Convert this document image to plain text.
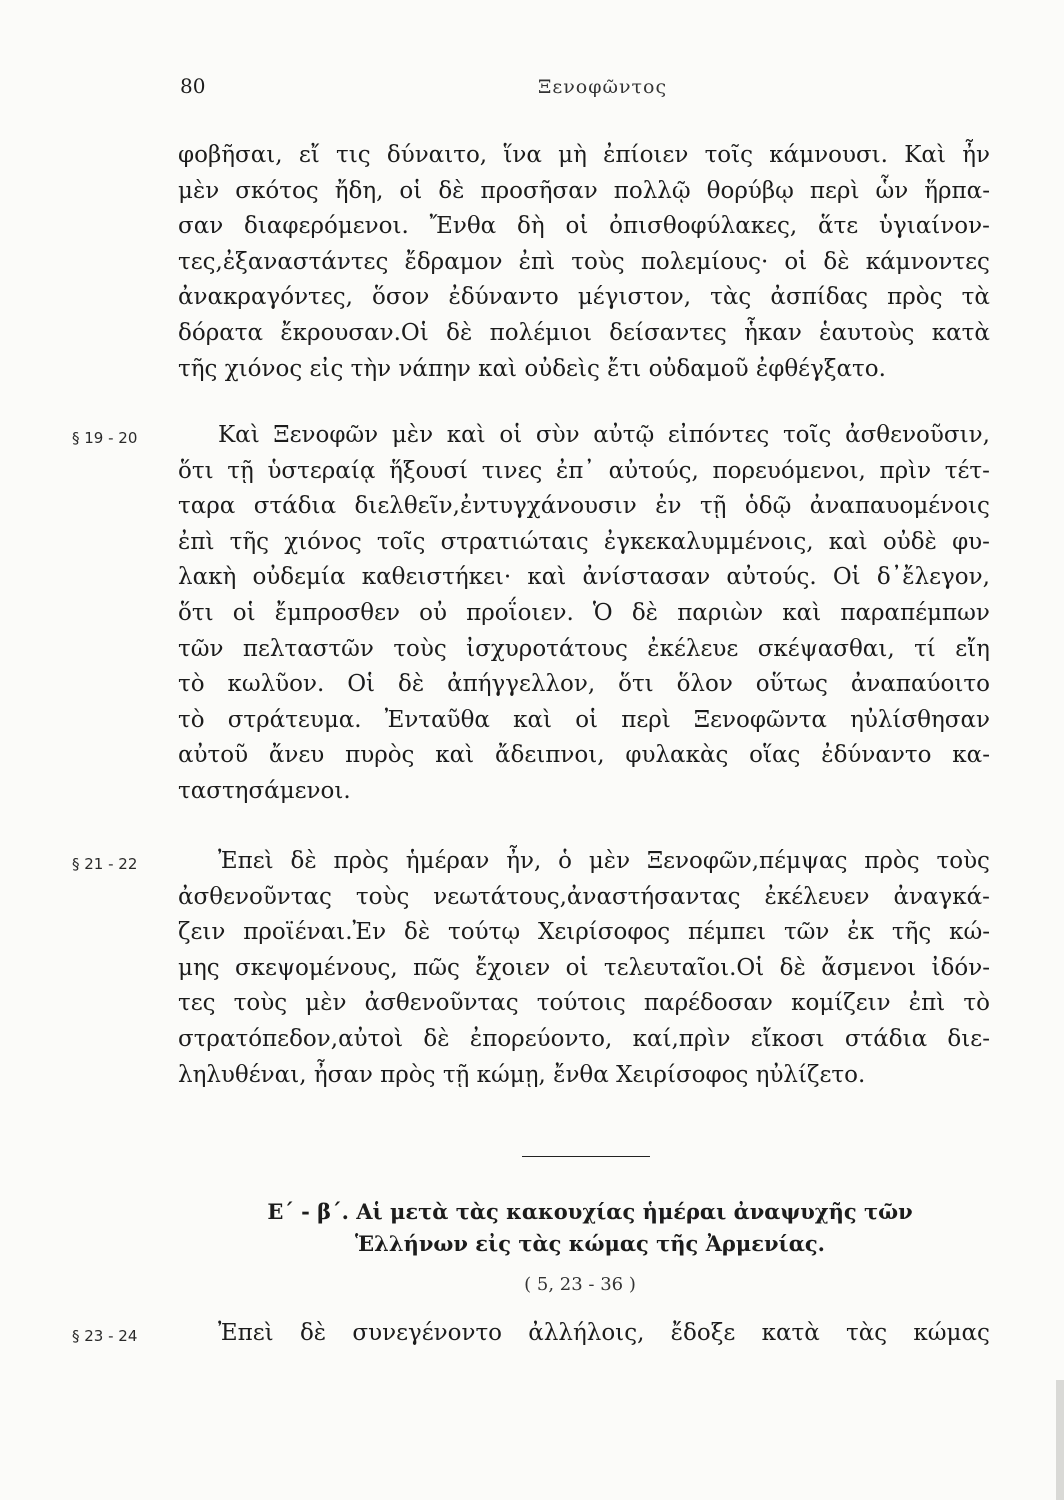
80	Ξενοφῶντος
φοβῆσαι, εἴ τις δύναιτο, ἵνα μὴ ἐπίοιεν τοῖς κάμνουσι. Καὶ ἦν
μὲν σκότος ἤδη, οἱ δὲ προσῆσαν πολλῷ θορύβῳ περὶ ὧν ἥρπα-
σαν διαφερόμενοι. Ἔνθα δὴ οἱ ὀπισθοφύλακες, ἅτε ὑγιαίνον-
τες,ἐξαναστάντες ἔδραμον ἐπὶ τοὺς πολεμίους· οἱ δὲ κάμνοντες
ἀνακραγόντες, ὅσον ἐδύναντο μέγιστον, τὰς ἀσπίδας πρὸς τὰ
δόρατα ἔκρουσαν.Οἱ δὲ πολέμιοι δείσαντες ἧκαν ἑαυτοὺς κατὰ
τῆς χιόνος εἰς τὴν νάπην καὶ οὐδεὶς ἔτι οὐδαμοῦ ἐφθέγξατο.
§ 19 - 20	Καὶ Ξενοφῶν μὲν καὶ οἱ σὺν αὐτῷ εἰπόντες τοῖς ἀσθενοῦσιν,
ὅτι τῇ ὑστεραίᾳ ἥξουσί τινες ἐπ᾽ αὐτούς, πορευόμενοι, πρὶν τέτ-
ταρα στάδια διελθεῖν,ἐντυγχάνουσιν ἐν τῇ ὁδῷ ἀναπαυομένοις
ἐπὶ τῆς χιόνος τοῖς στρατιώταις ἐγκεκαλυμμένοις, καὶ οὐδὲ φυ-
λακὴ οὐδεμία καθειστήκει· καὶ ἀνίστασαν αὐτούς. Οἱ δ᾽ἔλεγον,
ὅτι οἱ ἔμπροσθεν οὐ προΐοιεν. Ὁ δὲ παριὼν καὶ παραπέμπων
τῶν πελταστῶν τοὺς ἰσχυροτάτους ἐκέλευε σκέψασθαι, τί εἴη
τὸ κωλῦον. Οἱ δὲ ἀπήγγελλον, ὅτι ὅλον οὕτως ἀναπαύοιτο
τὸ στράτευμα. Ἐνταῦθα καὶ οἱ περὶ Ξενοφῶντα ηὐλίσθησαν
αὐτοῦ ἄνευ πυρὸς καὶ ἄδειπνοι, φυλακὰς οἵας ἐδύναντο κα-
ταστησάμενοι.
§ 21 - 22	Ἐπεὶ δὲ πρὸς ἡμέραν ἦν, ὁ μὲν Ξενοφῶν,πέμψας πρὸς τοὺς
ἀσθενοῦντας τοὺς νεωτάτους,ἀναστήσαντας ἐκέλευεν ἀναγκά-
ζειν προϊέναι.Ἐν δὲ τούτῳ Χειρίσοφος πέμπει τῶν ἐκ τῆς κώ-
μης σκεψομένους, πῶς ἔχοιεν οἱ τελευταῖοι.Οἱ δὲ ἄσμενοι ἰδόν-
τες τοὺς μὲν ἀσθενοῦντας τούτοις παρέδοσαν κομίζειν ἐπὶ τὸ
στρατόπεδον,αὐτοὶ δὲ ἐπορεύοντο, καί,πρὶν εἴκοσι στάδια διε-
ληλυθέναι, ἦσαν πρὸς τῇ κώμῃ, ἔνθα Χειρίσοφος ηὐλίζετο.
Ε΄ - β΄. Αἱ μετὰ τὰς κακουχίας ἡμέραι ἀναψυχῆς τῶν
Ἑλλήνων εἰς τὰς κώμας τῆς Ἀρμενίας.
( 5, 23 - 36 )
§ 23 - 24	Ἐπεὶ δὲ συνεγένοντο ἀλλήλοις, ἔδοξε κατὰ τὰς κώμας
